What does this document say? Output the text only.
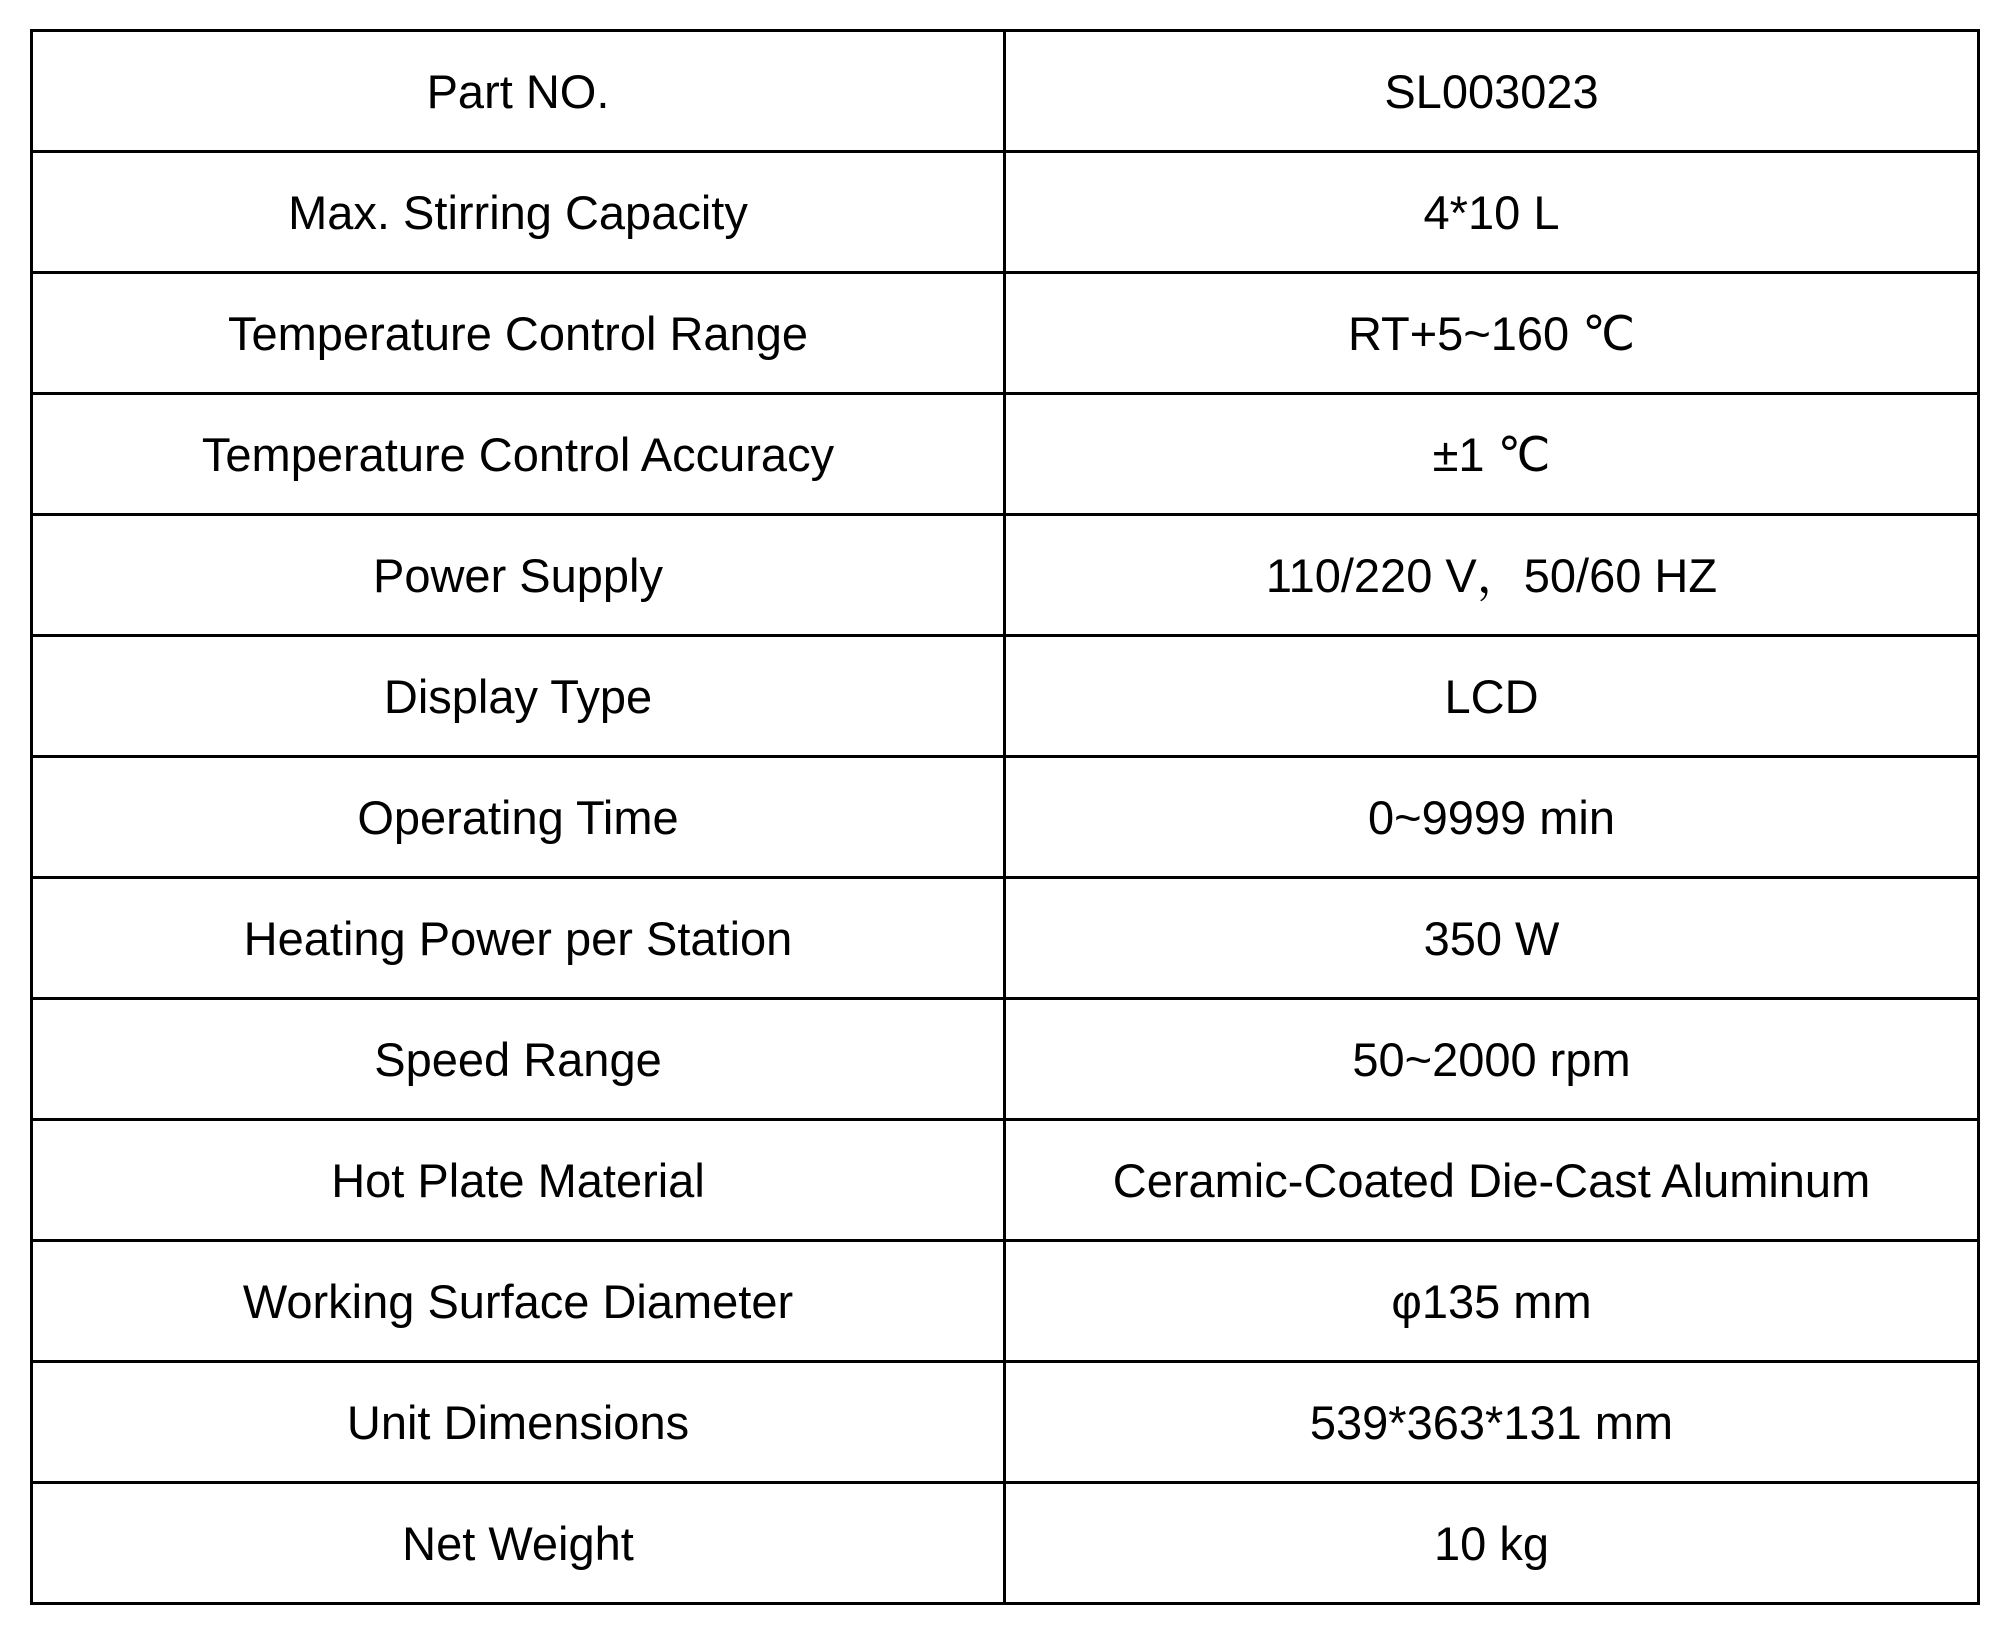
Part NO.	SL003023
Max. Stirring Capacity	4*10 L
Temperature Control Range	RT+5~160 ℃
Temperature Control Accuracy	±1 ℃
Power Supply	110/220 V，50/60 HZ
Display Type	LCD
Operating Time	0~9999 min
Heating Power per Station	350 W
Speed Range	50~2000 rpm
Hot Plate Material	Ceramic-Coated Die-Cast Aluminum
Working Surface Diameter	φ135 mm
Unit Dimensions	539*363*131 mm
Net Weight	10 kg
